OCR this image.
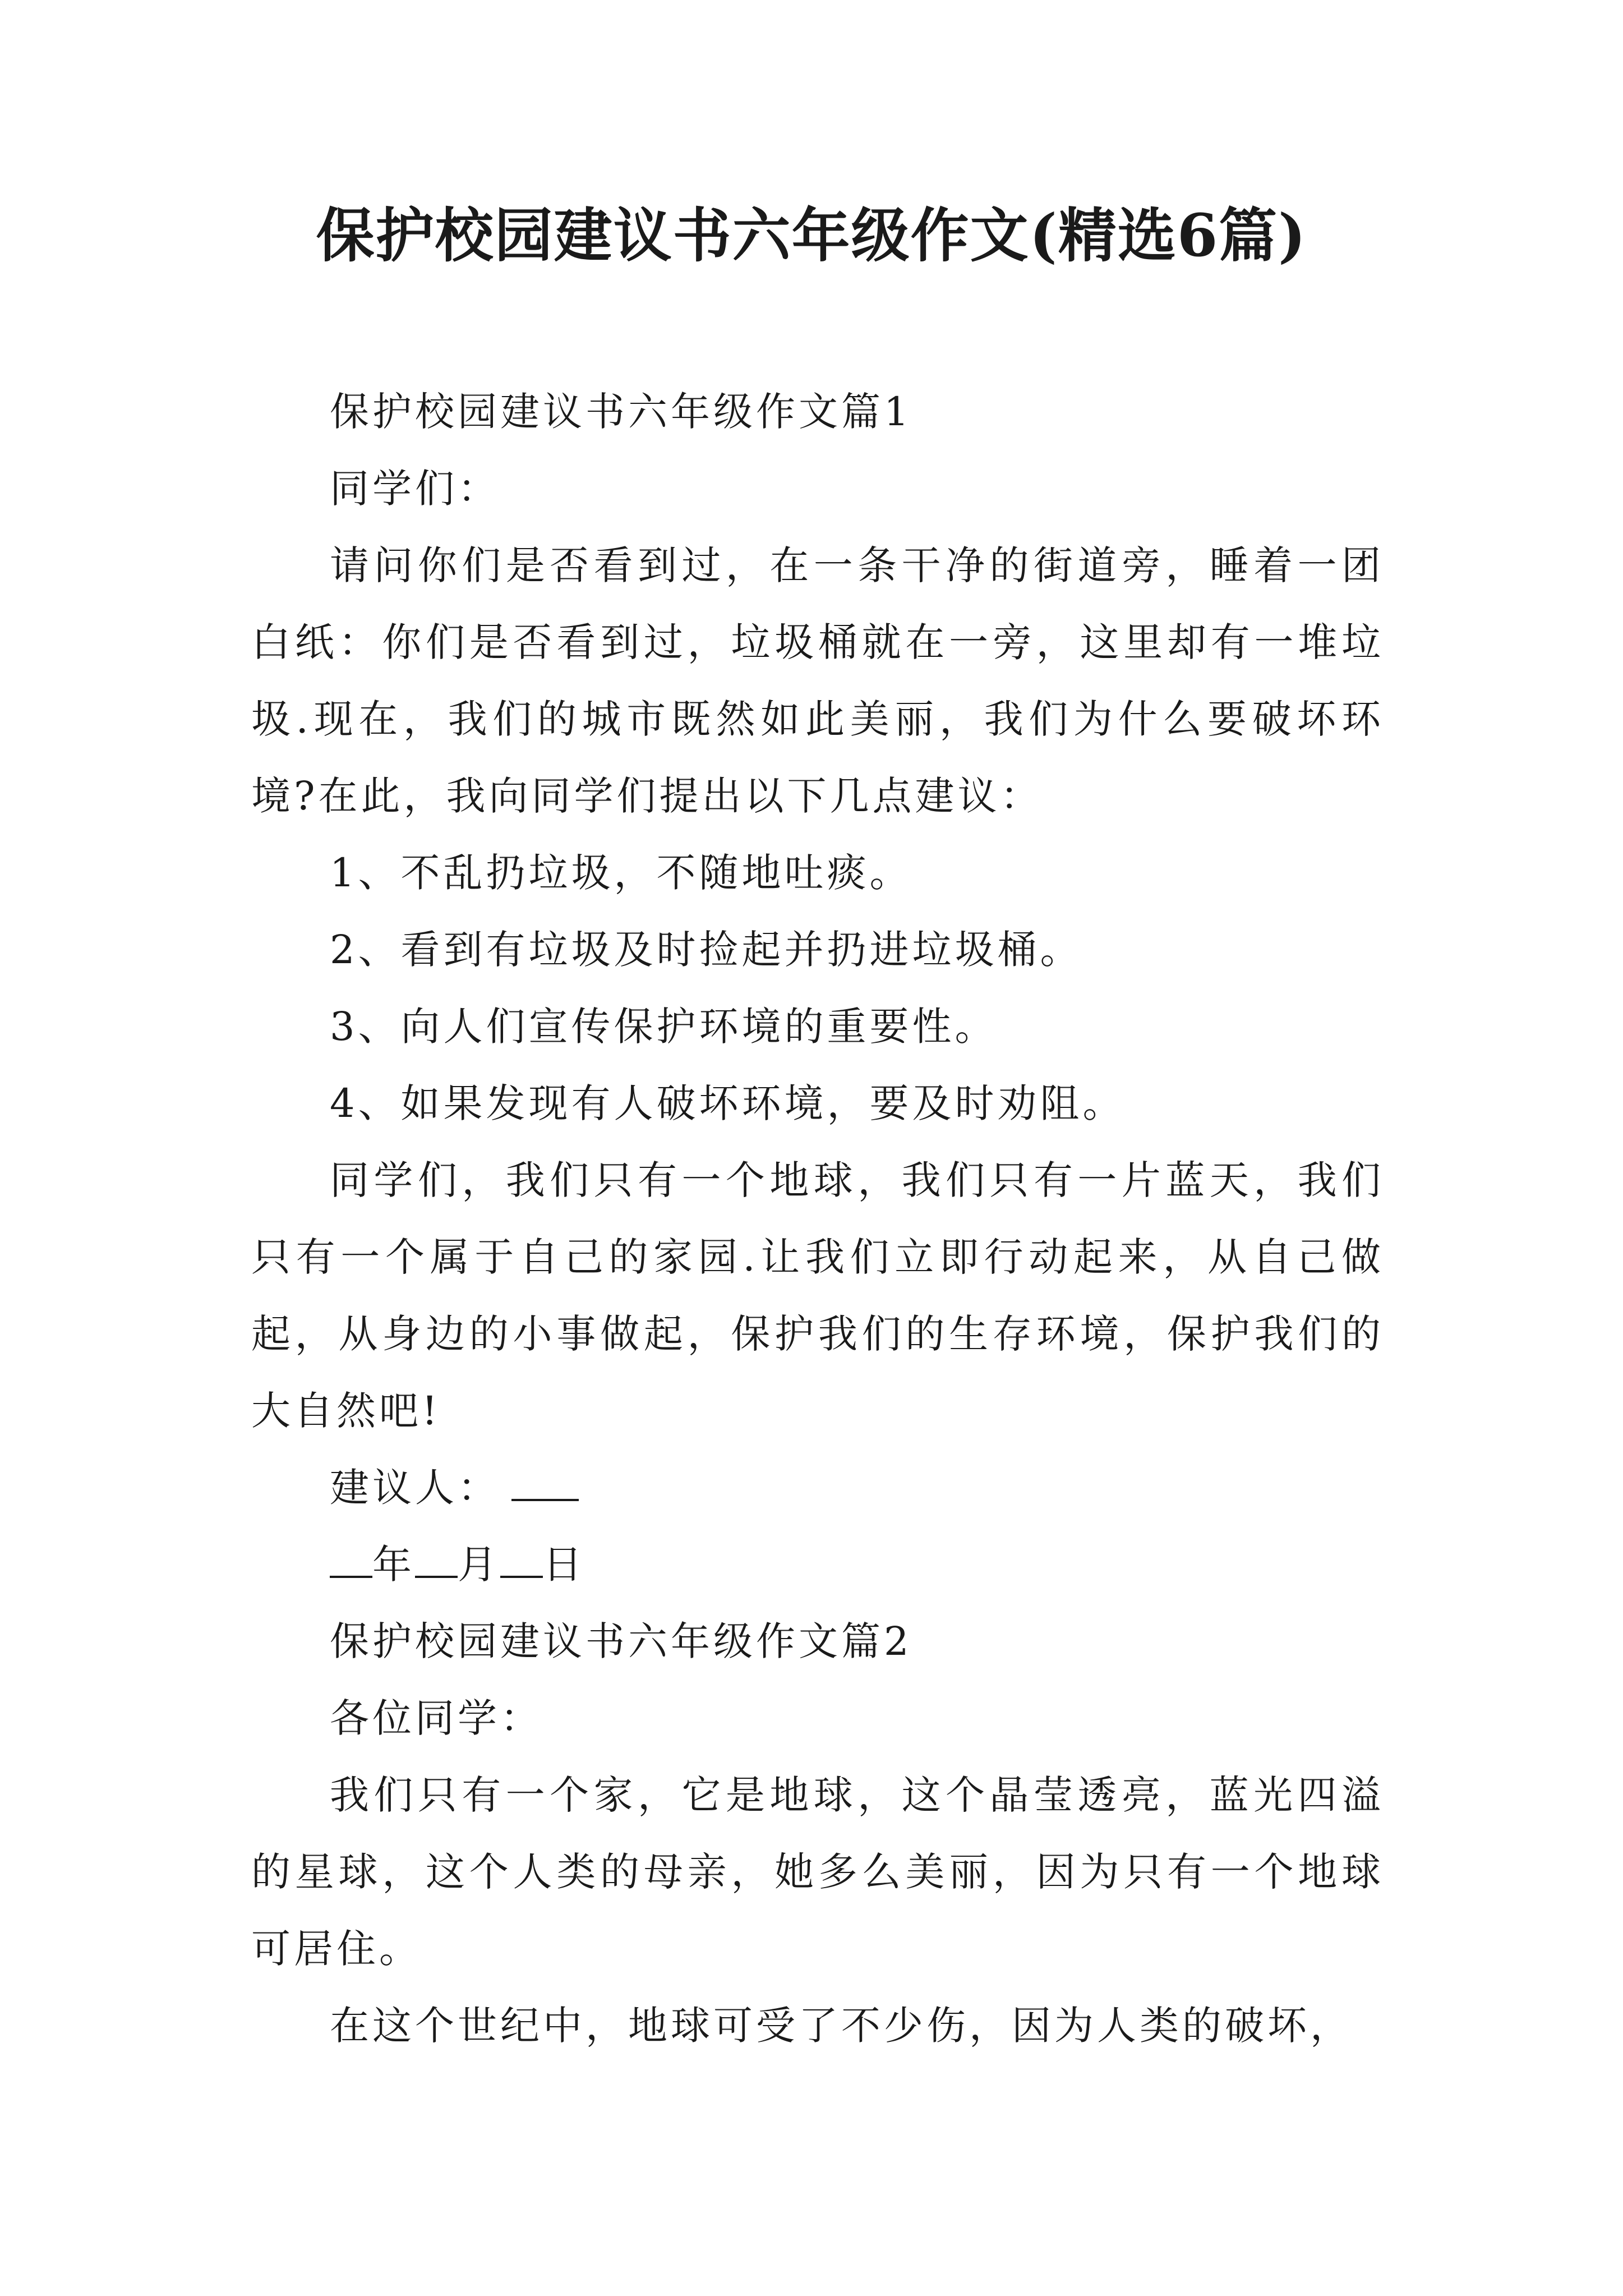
保护校园建议书六年级作文(精选6篇)

保护校园建议书六年级作文篇1

同学们：

请问你们是否看到过，在一条干净的街道旁，睡着一团白纸：你们是否看到过，垃圾桶就在一旁，这里却有一堆垃圾.现在，我们的城市既然如此美丽，我们为什么要破坏环境?在此，我向同学们提出以下几点建议：

1、不乱扔垃圾，不随地吐痰。

2、看到有垃圾及时捡起并扔进垃圾桶。

3、向人们宣传保护环境的重要性。

4、如果发现有人破坏环境，要及时劝阻。

同学们，我们只有一个地球，我们只有一片蓝天，我们只有一个属于自己的家园.让我们立即行动起来，从自己做起，从身边的小事做起，保护我们的生存环境，保护我们的大自然吧!

建议人：

年 月 日

保护校园建议书六年级作文篇2

各位同学：

我们只有一个家，它是地球，这个晶莹透亮，蓝光四溢的星球，这个人类的母亲，她多么美丽，因为只有一个地球可居住。

在这个世纪中，地球可受了不少伤，因为人类的破坏，
